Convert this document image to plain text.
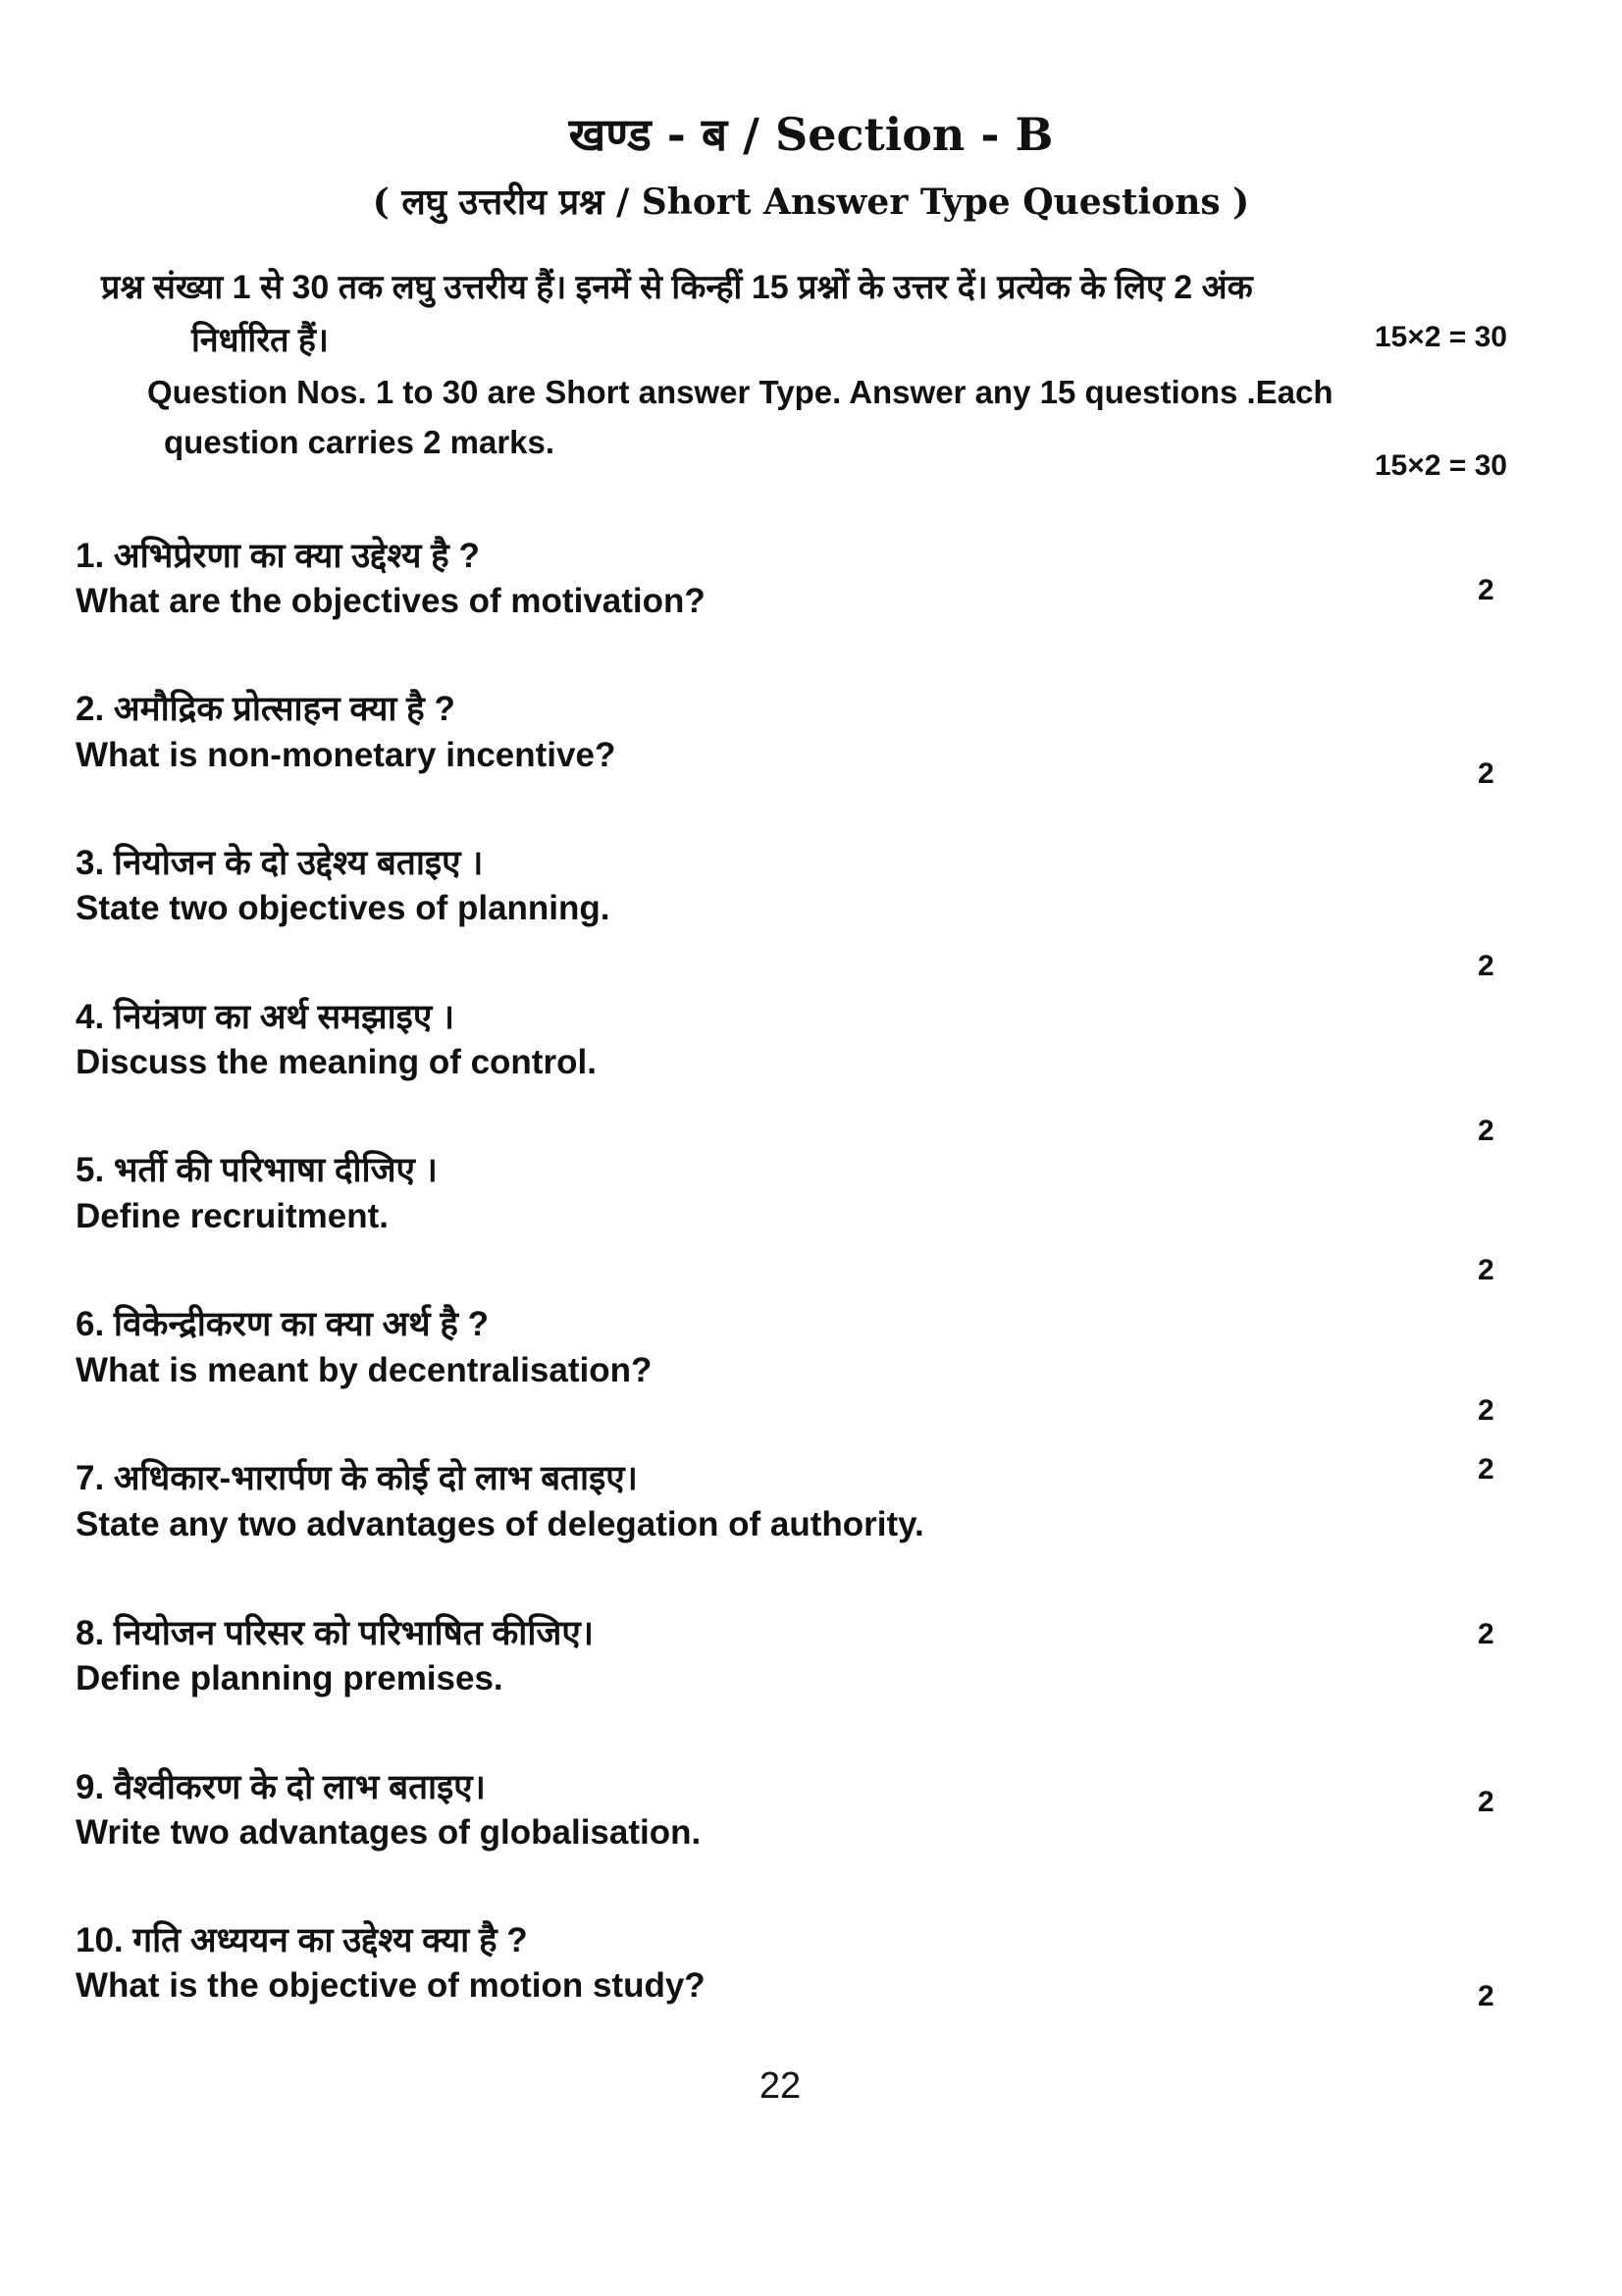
खण्ड - ब / Section - B
( लघु उत्तरीय प्रश्न / Short Answer Type Questions )
प्रश्न संख्या 1 से 30 तक लघु उत्तरीय हैं। इनमें से किन्हीं 15 प्रश्नों के उत्तर दें। प्रत्येक के लिए 2 अंक
निर्धारित हैं।	15×2 = 30
Question Nos. 1 to 30 are Short answer Type. Answer any 15 questions .Each
question carries 2 marks.
15×2 = 30
1. अभिप्रेरणा का क्या उद्देश्य है ?
What are the objectives of motivation?	2
2. अमौद्रिक प्रोत्साहन क्या है ?
What is non-monetary incentive?	2
3. नियोजन के दो उद्देश्य बताइए ।
State two objectives of planning.
2
4. नियंत्रण का अर्थ समझाइए ।
Discuss the meaning of control.
2
5. भर्ती की परिभाषा दीजिए ।
Define recruitment.
2
6. विकेन्द्रीकरण का क्या अर्थ है ?
What is meant by decentralisation?
2
7. अधिकार-भारार्पण के कोई दो लाभ बताइए।
State any two advantages of delegation of authority.
2
8. नियोजन परिसर को परिभाषित कीजिए।
Define planning premises.
2
9. वैश्वीकरण के दो लाभ बताइए।
Write two advantages of globalisation.
2
10. गति अध्ययन का उद्देश्य क्या है ?
What is the objective of motion study?	2
22
